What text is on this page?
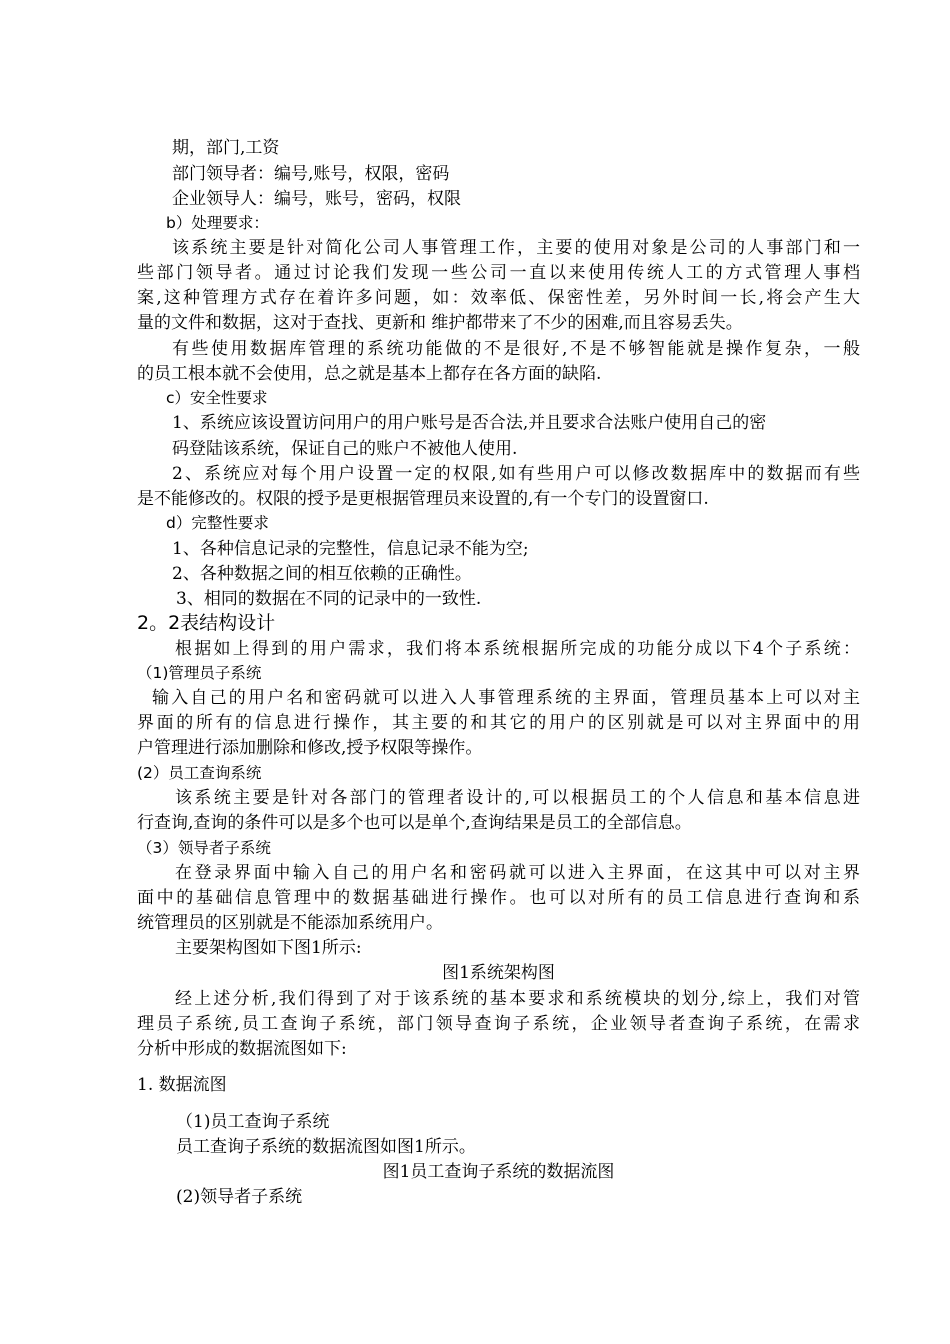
期，部门,工资
部门领导者：编号,账号，权限，密码
企业领导人：编号，账号，密码，权限
b）处理要求：
该系统主要是针对简化公司人事管理工作，主要的使用对象是公司的人事部门和一
些部门领导者。通过讨论我们发现一些公司一直以来使用传统人工的方式管理人事档
案,这种管理方式存在着许多问题，如：效率低、保密性差，另外时间一长,将会产生大
量的文件和数据，这对于查找、更新和 维护都带来了不少的困难,而且容易丢失。
有些使用数据库管理的系统功能做的不是很好,不是不够智能就是操作复杂，一般
的员工根本就不会使用，总之就是基本上都存在各方面的缺陷.
c）安全性要求
1、系统应该设置访问用户的用户账号是否合法,并且要求合法账户使用自己的密
码登陆该系统，保证自己的账户不被他人使用.
2、系统应对每个用户设置一定的权限,如有些用户可以修改数据库中的数据而有些
是不能修改的。权限的授予是更根据管理员来设置的,有一个专门的设置窗口.
d）完整性要求
1、各种信息记录的完整性，信息记录不能为空;
2、各种数据之间的相互依赖的正确性。
3、相同的数据在不同的记录中的一致性.
2。2表结构设计
根据如上得到的用户需求，我们将本系统根据所完成的功能分成以下4个子系统：
（1)管理员子系统
输入自己的用户名和密码就可以进入人事管理系统的主界面，管理员基本上可以对主
界面的所有的信息进行操作，其主要的和其它的用户的区别就是可以对主界面中的用
户管理进行添加删除和修改,授予权限等操作。
(2）员工查询系统
该系统主要是针对各部门的管理者设计的,可以根据员工的个人信息和基本信息进
行查询,查询的条件可以是多个也可以是单个,查询结果是员工的全部信息。
（3）领导者子系统
在登录界面中输入自己的用户名和密码就可以进入主界面，在这其中可以对主界
面中的基础信息管理中的数据基础进行操作。也可以对所有的员工信息进行查询和系
统管理员的区别就是不能添加系统用户。
主要架构图如下图1所示:
图1系统架构图
经上述分析,我们得到了对于该系统的基本要求和系统模块的划分,综上，我们对管
理员子系统,员工查询子系统，部门领导查询子系统，企业领导者查询子系统，在需求
分析中形成的数据流图如下:
1. 数据流图
（1)员工查询子系统
员工查询子系统的数据流图如图1所示。
图1员工查询子系统的数据流图
(2)领导者子系统
